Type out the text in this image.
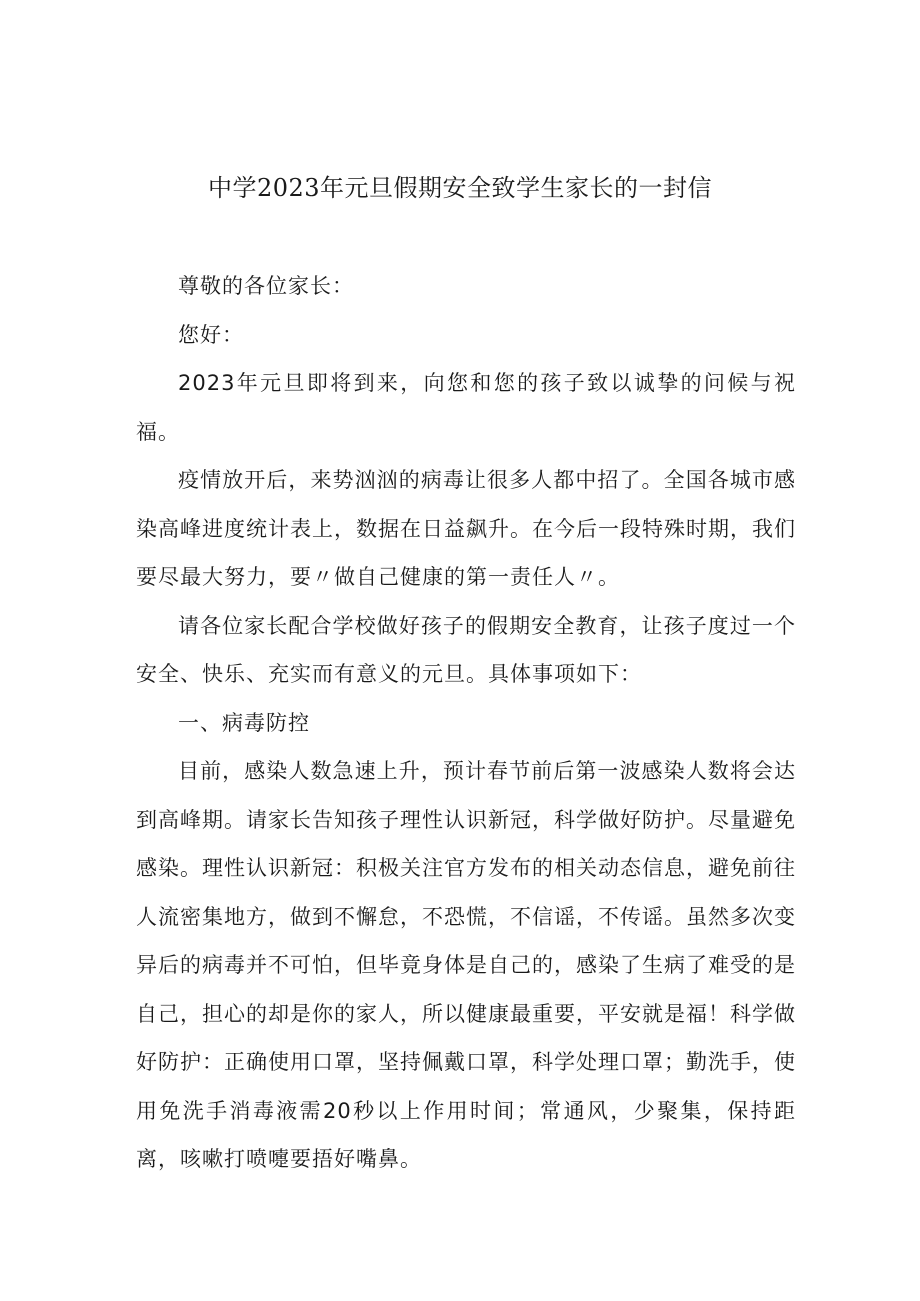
中学2023年元旦假期安全致学生家长的一封信

尊敬的各位家长：

您好：

2023年元旦即将到来，向您和您的孩子致以诚挚的问候与祝福。

疫情放开后，来势汹汹的病毒让很多人都中招了。全国各城市感染高峰进度统计表上，数据在日益飙升。在今后一段特殊时期，我们要尽最大努力，要〃做自己健康的第一责任人〃。

请各位家长配合学校做好孩子的假期安全教育，让孩子度过一个安全、快乐、充实而有意义的元旦。具体事项如下：

一、病毒防控

目前，感染人数急速上升，预计春节前后第一波感染人数将会达到高峰期。请家长告知孩子理性认识新冠，科学做好防护。尽量避免感染。理性认识新冠：积极关注官方发布的相关动态信息，避免前往人流密集地方，做到不懈怠，不恐慌，不信谣，不传谣。虽然多次变异后的病毒并不可怕，但毕竟身体是自己的，感染了生病了难受的是自己，担心的却是你的家人，所以健康最重要，平安就是福！科学做好防护：正确使用口罩，坚持佩戴口罩，科学处理口罩；勤洗手，使用免洗手消毒液需20秒以上作用时间；常通风，少聚集，保持距离，咳嗽打喷嚏要捂好嘴鼻。
